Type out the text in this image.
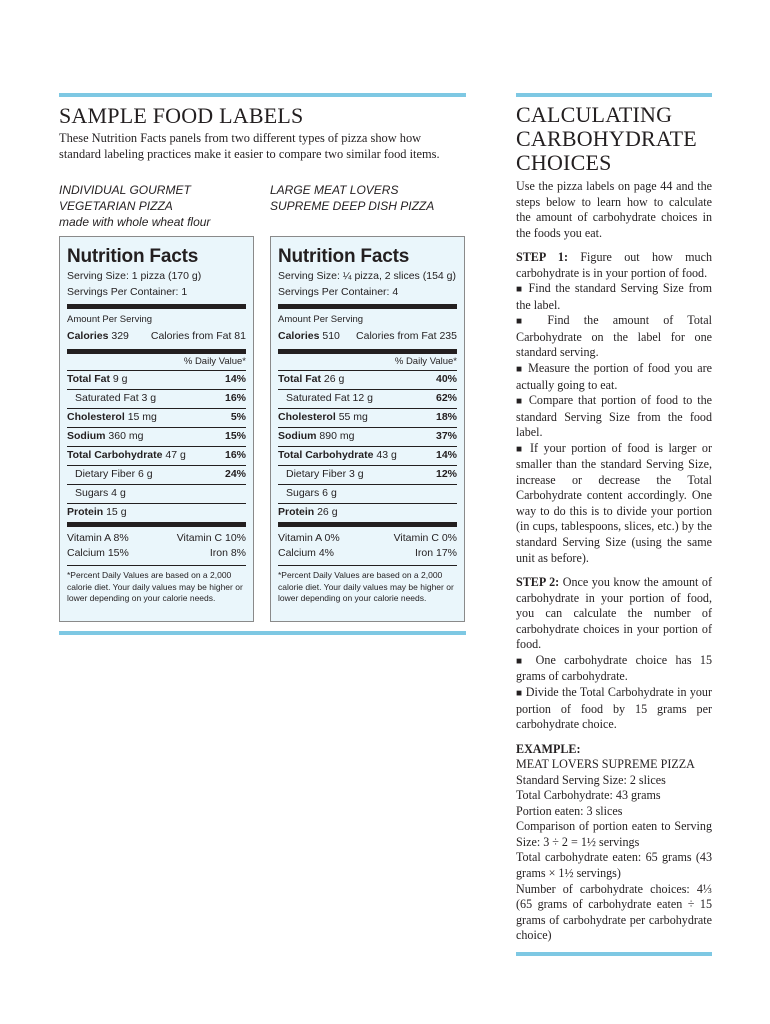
SAMPLE FOOD LABELS
These Nutrition Facts panels from two different types of pizza show how standard labeling practices make it easier to compare two similar food items.
INDIVIDUAL GOURMET
VEGETARIAN PIZZA
made with whole wheat flour
LARGE MEAT LOVERS
SUPREME DEEP DISH PIZZA
Nutrition Facts
Serving Size: 1 pizza (170 g)
Servings Per Container: 1
Amount Per Serving
Calories 329 Calories from Fat 81
% Daily Value*
Total Fat 9 g	14%
Saturated Fat 3 g	16%
Cholesterol 15 mg	5%
Sodium 360 mg	15%
Total Carbohydrate 47 g	16%
Dietary Fiber 6 g	24%
Sugars 4 g
Protein 15 g
Vitamin A 8%	Vitamin C 10%
Calcium 15%	Iron 8%
*Percent Daily Values are based on a 2,000 calorie diet. Your daily values may be higher or lower depending on your calorie needs.
Nutrition Facts
Serving Size: ¼ pizza, 2 slices (154 g)
Servings Per Container: 4
Amount Per Serving
Calories 510 Calories from Fat 235
% Daily Value*
Total Fat 26 g	40%
Saturated Fat 12 g	62%
Cholesterol 55 mg	18%
Sodium 890 mg	37%
Total Carbohydrate 43 g	14%
Dietary Fiber 3 g	12%
Sugars 6 g
Protein 26 g
Vitamin A 0%	Vitamin C 0%
Calcium 4%	Iron 17%
*Percent Daily Values are based on a 2,000 calorie diet. Your daily values may be higher or lower depending on your calorie needs.
CALCULATING
CARBOHYDRATE
CHOICES

Use the pizza labels on page 44 and the steps below to learn how to calculate the amount of carbohydrate choices in the foods you eat.

STEP 1: Figure out how much carbohydrate is in your portion of food.

■ Find the standard Serving Size from the label.

■ Find the amount of Total Carbohydrate on the label for one standard serving.

■ Measure the portion of food you are actually going to eat.

■ Compare that portion of food to the standard Serving Size from the food label.

■ If your portion of food is larger or smaller than the standard Serving Size, increase or decrease the Total Carbohydrate content accordingly. One way to do this is to divide your portion (in cups, tablespoons, slices, etc.) by the standard Serving Size (using the same unit as before).

STEP 2: Once you know the amount of carbohydrate in your portion of food, you can calculate the number of carbohydrate choices in your portion of food.

■ One carbohydrate choice has 15 grams of carbohydrate.

■ Divide the Total Carbohydrate in your portion of food by 15 grams per carbohydrate choice.

EXAMPLE:

MEAT LOVERS SUPREME PIZZA

Standard Serving Size: 2 slices

Total Carbohydrate: 43 grams

Portion eaten: 3 slices

Comparison of portion eaten to Serving Size: 3 ÷ 2 = 1½ servings

Total carbohydrate eaten: 65 grams (43 grams × 1½ servings)

Number of carbohydrate choices: 4⅓ (65 grams of carbohydrate eaten ÷ 15 grams of carbohydrate per carbohydrate choice)
